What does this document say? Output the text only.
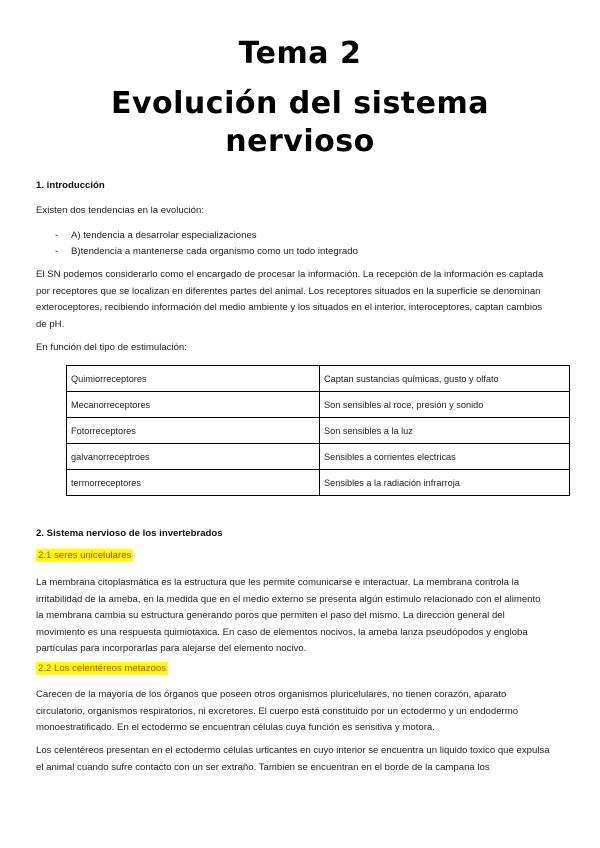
Tema 2
Evolución del sistema
nervioso
1. introducción
Existen dos tendencias en la evolución:
- A) tendencia a desarrolar especializaciones
- B)tendencia a mantenerse cada organismo como un todo integrado
El SN podemos considerarlo como el encargado de procesar la información. La recepción de la información es captada por receptores que se localizan en diferentes partes del animal. Los receptores situados en la superficie se denominan exteroceptores, recibiendo información del medio ambiente y los situados en el interior, interoceptores, captan cambios de pH.
En función del tipo de estimulación:
Quimiorreceptores	Captan sustancias químicas, gusto y olfato
Mecanorreceptores	Son sensibles al roce, presión y sonido
Fotorreceptores	Son sensibles a la luz
galvanorreceptroes	Sensibles a corrientes electricas
termorreceptores	Sensibles a la radiación infrarroja
2. Sistema nervioso de los invertebrados
2.1 seres unicelulares
La membrana citoplasmática es la estructura que les permite comunicarse e interactuar. La membrana controla la irritabilidad de la ameba, en la medida que en el medio externo se presenta algún estimulo relacionado con el alimento la membrana cambia su estructura generando poros que permiten el paso del mismo. La dirección general del movimiento es una respuesta quimiotaxica. En caso de elementos nocivos, la ameba lanza pseudópodos y engloba partículas para incorporarlas para alejarse del elemento nocivo.
2.2 Los celentéreos metazoos
Carecen de la mayoría de los órganos que poseen otros organismos pluricelulares, no tienen corazón, aparato circulatorio, organismos respiratorios, ni excretores. El cuerpo está constituido por un ectodermo y un endodermo monoestratificado. En el ectodermo se encuentran células cuya función es sensitiva y motora.
Los celentéreos presentan en el ectodermo células urticantes en cuyo interior se encuentra un liquido toxico que expulsa el animal cuando sufre contacto con un ser extraño. Tambien se encuentran en el borde de la campana los
